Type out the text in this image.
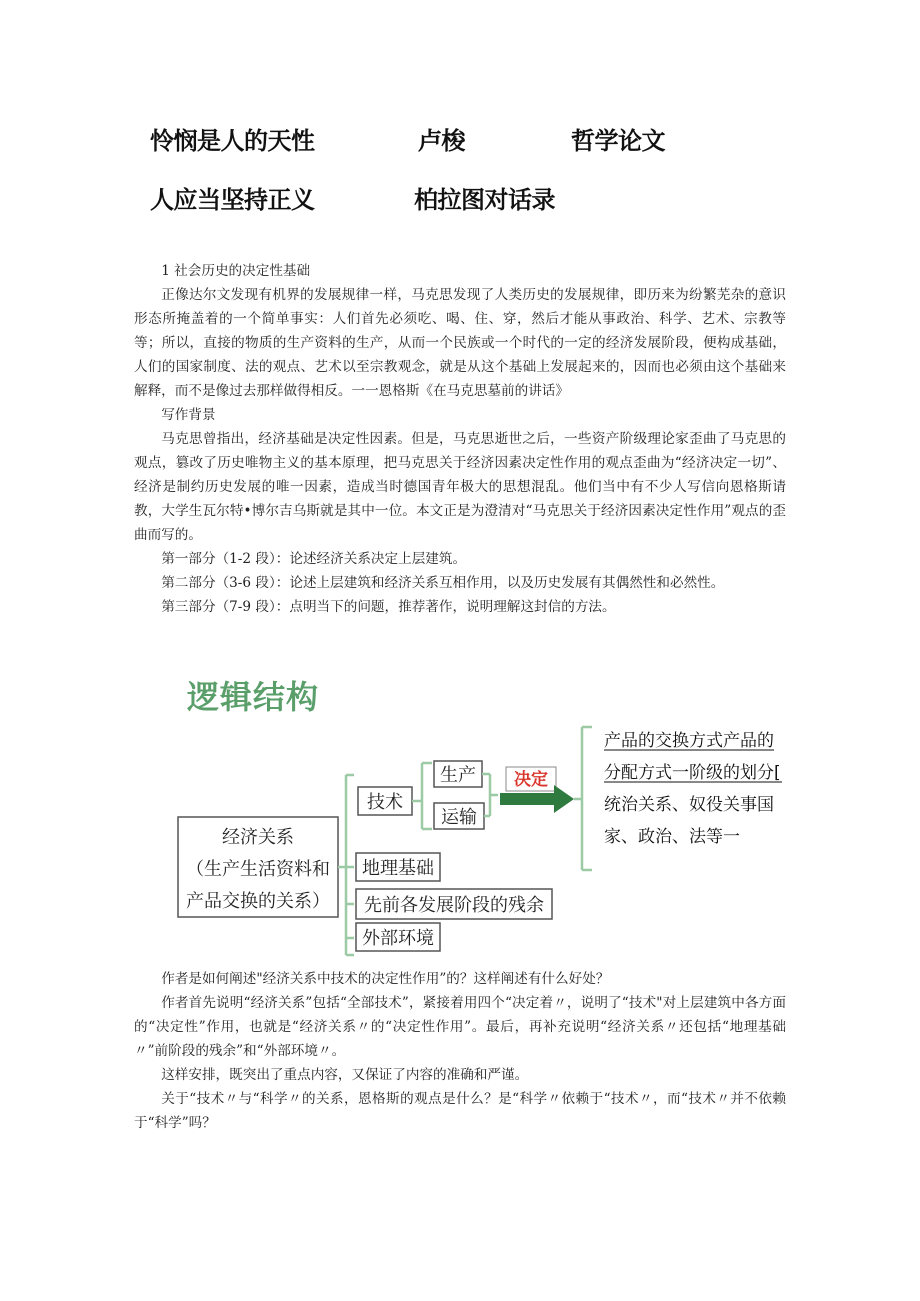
怜悯是人的天性	卢梭	哲学论文
人应当坚持正义	柏拉图对话录

1 社会历史的决定性基础

正像达尔文发现有机界的发展规律一样，马克思发现了人类历史的发展规律，即历来为纷繁芜杂的意识形态所掩盖着的一个简单事实：人们首先必须吃、喝、住、穿，然后才能从事政治、科学、艺术、宗教等等；所以，直接的物质的生产资料的生产，从而一个民族或一个时代的一定的经济发展阶段，便构成基础，人们的国家制度、法的观点、艺术以至宗教观念，就是从这个基础上发展起来的，因而也必须由这个基础来解释，而不是像过去那样做得相反。一一恩格斯《在马克思墓前的讲话》

写作背景

马克思曾指出，经济基础是决定性因素。但是，马克思逝世之后，一些资产阶级理论家歪曲了马克思的观点，篡改了历史唯物主义的基本原理，把马克思关于经济因素决定性作用的观点歪曲为“经济决定一切”、经济是制约历史发展的唯一因素，造成当时德国青年极大的思想混乱。他们当中有不少人写信向恩格斯请教，大学生瓦尔特•博尔吉乌斯就是其中一位。本文正是为澄清对“马克思关于经济因素决定性作用”观点的歪曲而写的。

第一部分（1-2 段）：论述经济关系决定上层建筑。

第二部分（3-6 段）：论述上层建筑和经济关系互相作用，以及历史发展有其偶然性和必然性。

第三部分（7-9 段）：点明当下的问题，推荐著作，说明理解这封信的方法。

逻辑结构
经济关系
（生产生活资料和
产品交换的关系）
技术
生产
运输
决定
产品的交换方式产品的
分配方式一阶级的划分[
统治关系、奴役关事国
家、政治、法等一
地理基础
先前各发展阶段的残余
外部环境

作者是如何阐述"经济关系中技术的决定性作用”的？这样阐述有什么好处？

作者首先说明“经济关系”包括“全部技术”，紧接着用四个“决定着〃，说明了“技术"对上层建筑中各方面的“决定性”作用，也就是“经济关系〃的“决定性作用”。最后，再补充说明“经济关系〃还包括“地理基础〃”前阶段的残余”和“外部环境〃。

这样安排，既突出了重点内容，又保证了内容的准确和严谨。

关于“技术〃与“科学〃的关系，恩格斯的观点是什么？是“科学〃依赖于“技术〃，而“技术〃并不依赖于“科学”吗？
